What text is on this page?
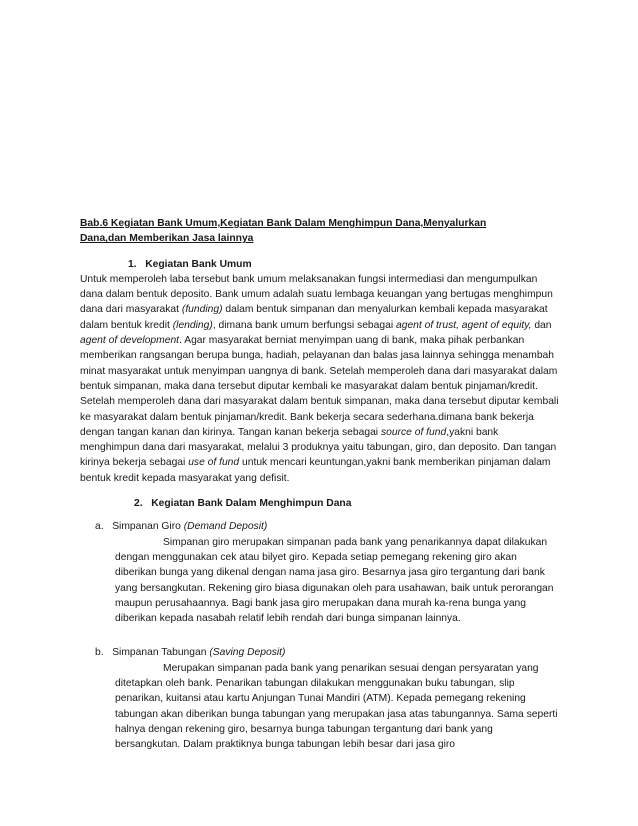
Bab.6 Kegiatan Bank Umum,Kegiatan Bank Dalam Menghimpun Dana,Menyalurkan
Dana,dan Memberikan Jasa lainnya

1. Kegiatan Bank Umum

Untuk memperoleh laba tersebut bank umum melaksanakan fungsi intermediasi dan mengumpulkan dana dalam bentuk deposito. Bank umum adalah suatu lembaga keuangan yang bertugas menghimpun dana dari masyarakat (funding) dalam bentuk simpanan dan menyalurkan kembali kepada masyarakat dalam bentuk kredit (lending), dimana bank umum berfungsi sebagai agent of trust, agent of equity, dan agent of development. Agar masyarakat berniat menyimpan uang di bank, maka pihak perbankan memberikan rangsangan berupa bunga, hadiah, pelayanan dan balas jasa lainnya sehingga menambah minat masyarakat untuk menyimpan uangnya di bank. Setelah memperoleh dana dari masyarakat dalam bentuk simpanan, maka dana tersebut diputar kembali ke masyarakat dalam bentuk pinjaman/kredit. Setelah memperoleh dana dari masyarakat dalam bentuk simpanan, maka dana tersebut diputar kembali ke masyarakat dalam bentuk pinjaman/kredit. Bank bekerja secara sederhana.dimana bank bekerja dengan tangan kanan dan kirinya. Tangan kanan bekerja sebagai source of fund,yakni bank menghimpun dana dari masyarakat, melalui 3 produknya yaitu tabungan, giro, dan deposito. Dan tangan kirinya bekerja sebagai use of fund untuk mencari keuntungan,yakni bank memberikan pinjaman dalam bentuk kredit kepada masyarakat yang defisit.

2. Kegiatan Bank Dalam Menghimpun Dana

a. Simpanan Giro (Demand Deposit)

Simpanan giro merupakan simpanan pada bank yang penarikannya dapat dilakukan dengan menggunakan cek atau bilyet giro. Kepada setiap pemegang rekening giro akan diberikan bunga yang dikenal dengan nama jasa giro. Besarnya jasa giro tergantung dari bank yang bersangkutan. Rekening giro biasa digunakan oleh para usahawan, baik untuk perorangan maupun perusahaannya. Bagi bank jasa giro merupakan dana murah ka-rena bunga yang diberikan kepada nasabah relatif lebih rendah dari bunga simpanan lainnya.

b. Simpanan Tabungan (Saving Deposit)

Merupakan simpanan pada bank yang penarikan sesuai dengan persyaratan yang ditetapkan oleh bank. Penarikan tabungan dilakukan menggunakan buku tabungan, slip penarikan, kuitansi atau kartu Anjungan Tunai Mandiri (ATM). Kepada pemegang rekening tabungan akan diberikan bunga tabungan yang merupakan jasa atas tabungannya. Sama seperti halnya dengan rekening giro, besarnya bunga tabungan tergantung dari bank yang bersangkutan. Dalam praktiknya bunga tabungan lebih besar dari jasa giro
